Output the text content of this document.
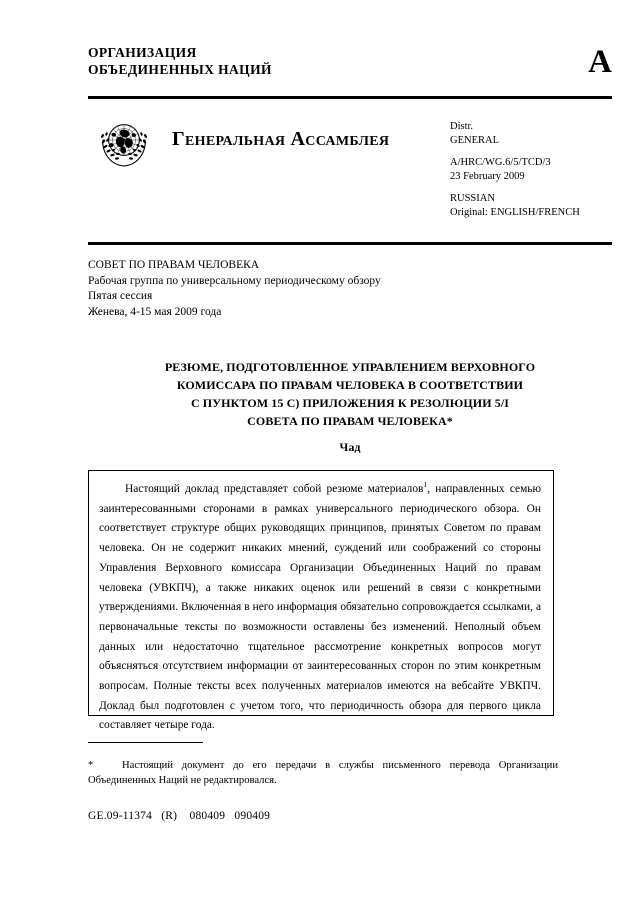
ОРГАНИЗАЦИЯ
ОБЪЕДИНЕННЫХ НАЦИЙ	A
Генеральная Ассамблея
Distr.
GENERAL
A/HRC/WG.6/5/TCD/3
23 February 2009
RUSSIAN
Original: ENGLISH/FRENCH
СОВЕТ ПО ПРАВАМ ЧЕЛОВЕКА
Рабочая группа по универсальному периодическому обзору
Пятая сессия
Женева, 4-15 мая 2009 года
РЕЗЮМЕ, ПОДГОТОВЛЕННОЕ УПРАВЛЕНИЕМ ВЕРХОВНОГО
КОМИССАРА ПО ПРАВАМ ЧЕЛОВЕКА В СООТВЕТСТВИИ
С ПУНКТОМ 15 C) ПРИЛОЖЕНИЯ К РЕЗОЛЮЦИИ 5/I
СОВЕТА ПО ПРАВАМ ЧЕЛОВЕКА*
Чад
Настоящий доклад представляет собой резюме материалов$^1$, направленных семью заинтересованными сторонами в рамках универсального периодического обзора. Он соответствует структуре общих руководящих принципов, принятых Советом по правам человека. Он не содержит никаких мнений, суждений или соображений со стороны Управления Верховного комиссара Организации Объединенных Наций по правам человека (УВКПЧ), а также никаких оценок или решений в связи с конкретными утверждениями. Включенная в него информация обязательно сопровождается ссылками, а первоначальные тексты по возможности оставлены без изменений. Неполный объем данных или недостаточно тщательное рассмотрение конкретных вопросов могут объясняться отсутствием информации от заинтересованных сторон по этим конкретным вопросам. Полные тексты всех полученных материалов имеются на вебсайте УВКПЧ. Доклад был подготовлен с учетом того, что периодичность обзора для первого цикла составляет четыре года.
*	Настоящий документ до его передачи в службы письменного перевода Организации Объединенных Наций не редактировался.
GE.09-11374   (R)    080409   090409
